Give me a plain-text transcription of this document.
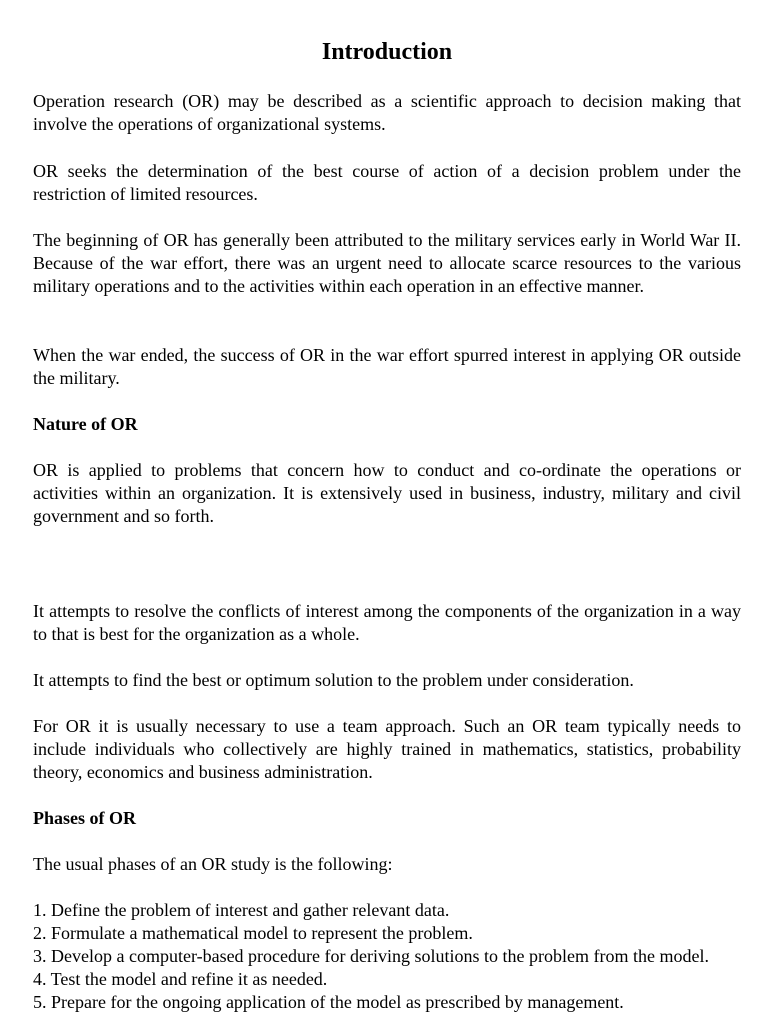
Introduction

Operation research (OR) may be described as a scientific approach to decision making that involve the operations of organizational systems.

OR seeks the determination of the best course of action of a decision problem under the restriction of limited resources.

The beginning of OR has generally been attributed to the military services early in World War II. Because of the war effort, there was an urgent need to allocate scarce resources to the various military operations and to the activities within each operation in an effective manner.

When the war ended, the success of OR in the war effort spurred interest in applying OR outside the military.

Nature of OR

OR is applied to problems that concern how to conduct and co-ordinate the operations or activities within an organization. It is extensively used in business, industry, military and civil government and so forth.

It attempts to resolve the conflicts of interest among the components of the organization in a way to that is best for the organization as a whole.

It attempts to find the best or optimum solution to the problem under consideration.

For OR it is usually necessary to use a team approach. Such an OR team typically needs to include individuals who collectively are highly trained in mathematics, statistics, probability theory, economics and business administration.

Phases of OR

The usual phases of an OR study is the following:

1. Define the problem of interest and gather relevant data.
2. Formulate a mathematical model to represent the problem.
3. Develop a computer-based procedure for deriving solutions to the problem from the model.
4. Test the model and refine it as needed.
5. Prepare for the ongoing application of the model as prescribed by management.
